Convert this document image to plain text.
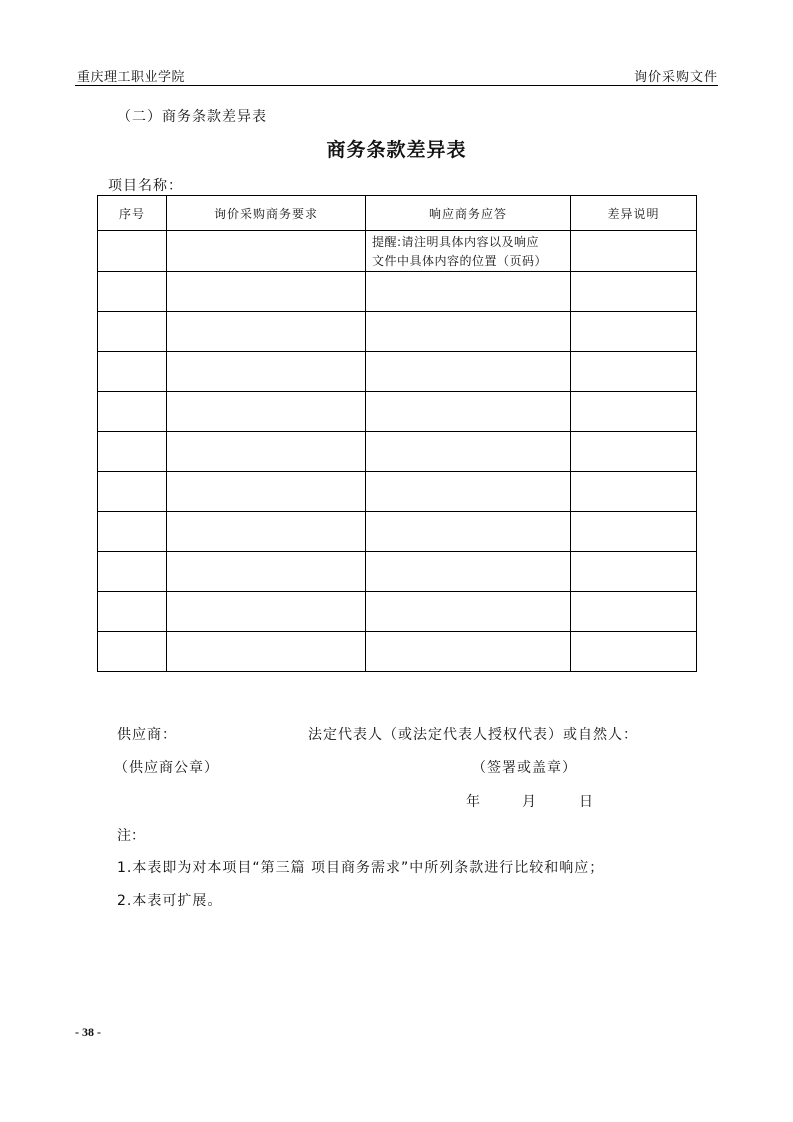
重庆理工职业学院	询价采购文件
（二）商务条款差异表
商务条款差异表
项目名称：
序号	询价采购商务要求	响应商务应答	差异说明

		提醒:请注明具体内容以及响应
文件中具体内容的位置（页码）	

供应商：	法定代表人（或法定代表人授权代表）或自然人：
（供应商公章）	（签署或盖章）
年	月	日
注：
1.本表即为对本项目“第三篇 项目商务需求”中所列条款进行比较和响应；
2.本表可扩展。
- 38 -
